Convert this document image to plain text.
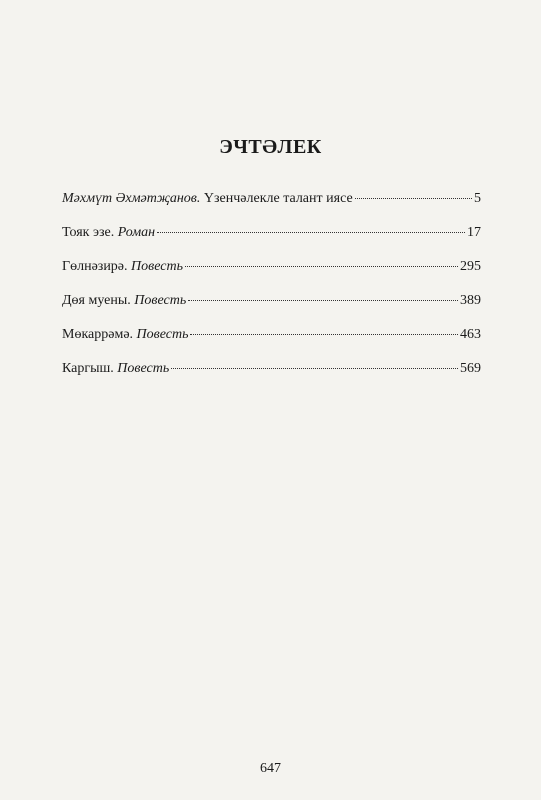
ЭЧТӘЛЕК
Мәхмүт Әхмәтҗанов. Үзенчәлекле талант иясе	5
Тояк эзе. Роман	17
Гөлнәзирә. Повесть	295
Дөя муены. Повесть	389
Мөкаррәмә. Повесть	463
Каргыш. Повесть	569
647
